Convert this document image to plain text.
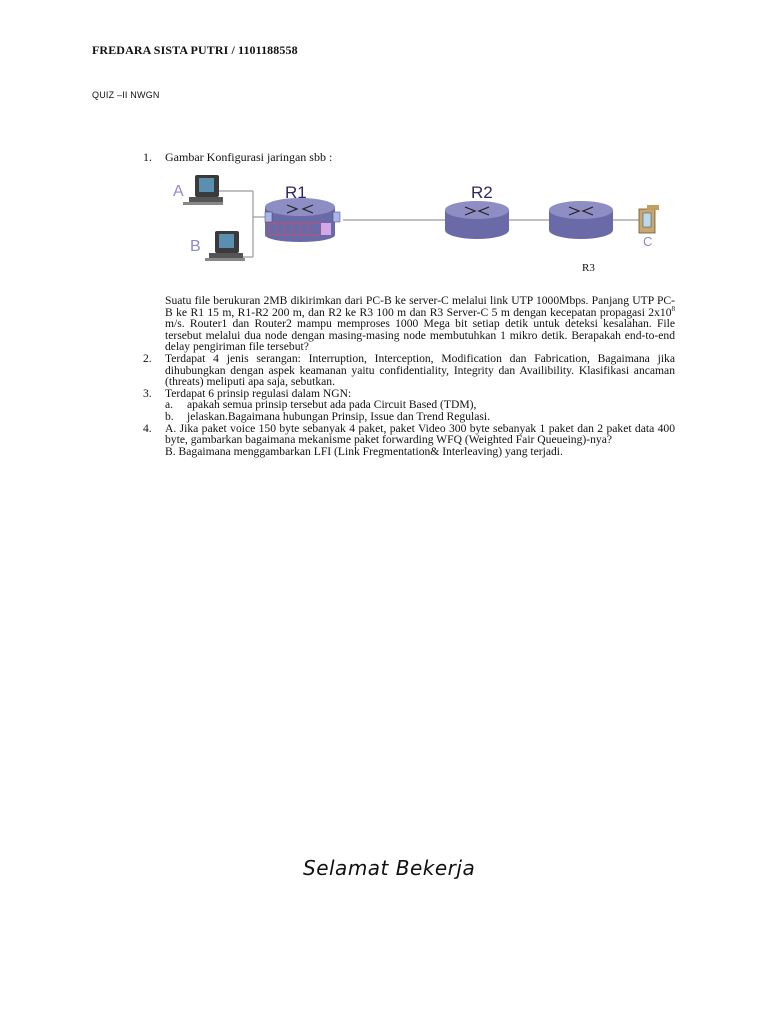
FREDARA SISTA PUTRI / 1101188558
QUIZ –II NWGN
1. Gambar Konfigurasi jaringan sbb :
A
B
R1	R2
C
R3

Suatu file berukuran 2MB dikirimkan dari PC-B ke server-C melalui link UTP 1000Mbps. Panjang UTP PC-B ke R1 15 m, R1-R2 200 m, dan R2 ke R3 100 m dan R3 Server-C 5 m dengan kecepatan propagasi $2x10^8$ m/s. Router1 dan Router2 mampu memproses 1000 Mega bit setiap detik untuk deteksi kesalahan. File tersebut melalui dua node dengan masing-masing node membutuhkan 1 mikro detik. Berapakah end-to-end delay pengiriman file tersebut?

2.	Terdapat 4 jenis serangan: Interruption, Interception, Modification dan Fabrication, Bagaimana jika dihubungkan dengan aspek keamanan yaitu confidentiality, Integrity dan Availibility. Klasifikasi ancaman (threats) meliputi apa saja, sebutkan.
3.	Terdapat 6 prinsip regulasi dalam NGN:
a.	apakah semua prinsip tersebut ada pada Circuit Based (TDM),
b.	jelaskan.Bagaimana hubungan Prinsip, Issue dan Trend Regulasi.
4.	A. Jika paket voice 150 byte sebanyak 4 paket, paket Video 300 byte sebanyak 1 paket dan 2 paket data 400 byte, gambarkan bagaimana mekanisme paket forwarding WFQ (Weighted Fair Queueing)-nya?

B. Bagaimana menggambarkan LFI (Link Fregmentation& Interleaving) yang terjadi.

Selamat Bekerja
